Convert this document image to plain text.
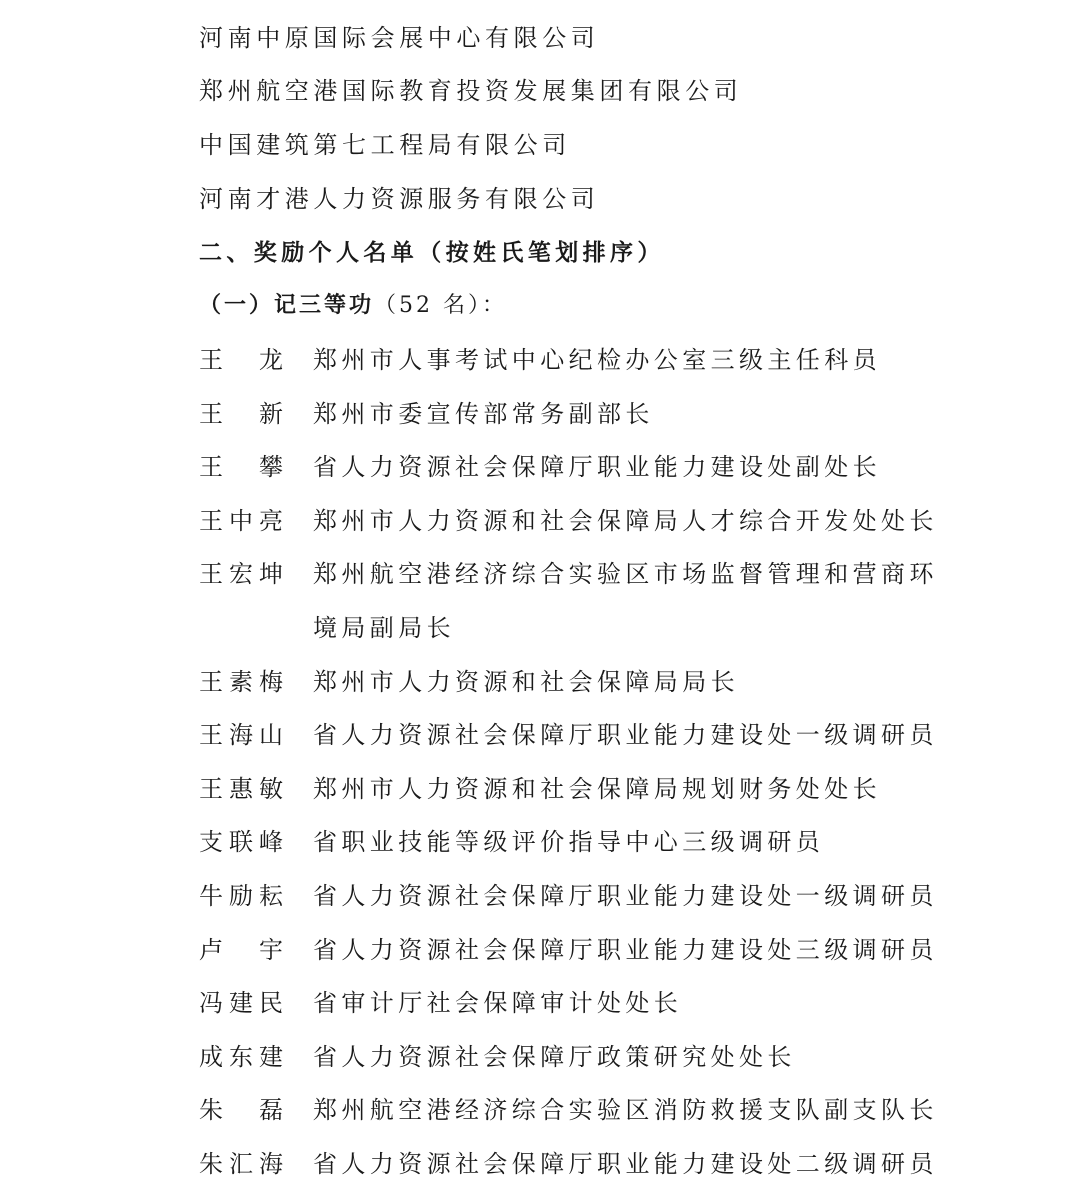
河南中原国际会展中心有限公司
郑州航空港国际教育投资发展集团有限公司
中国建筑第七工程局有限公司
河南才港人力资源服务有限公司
二、奖励个人名单（按姓氏笔划排序）
（一）记三等功（52 名）：
王 龙 郑州市人事考试中心纪检办公室三级主任科员
王 新 郑州市委宣传部常务副部长
王 攀 省人力资源社会保障厅职业能力建设处副处长
王 中 亮 郑州市人力资源和社会保障局人才综合开发处处长
王 宏 坤 郑州航空港经济综合实验区市场监督管理和营商环
境局副局长
王 素 梅 郑州市人力资源和社会保障局局长
王 海 山 省人力资源社会保障厅职业能力建设处一级调研员
王 惠 敏 郑州市人力资源和社会保障局规划财务处处长
支 联 峰 省职业技能等级评价指导中心三级调研员
牛 励 耘 省人力资源社会保障厅职业能力建设处一级调研员
卢 宇 省人力资源社会保障厅职业能力建设处三级调研员
冯 建 民 省审计厅社会保障审计处处长
成 东 建 省人力资源社会保障厅政策研究处处长
朱 磊 郑州航空港经济综合实验区消防救援支队副支队长
朱 汇 海 省人力资源社会保障厅职业能力建设处二级调研员
